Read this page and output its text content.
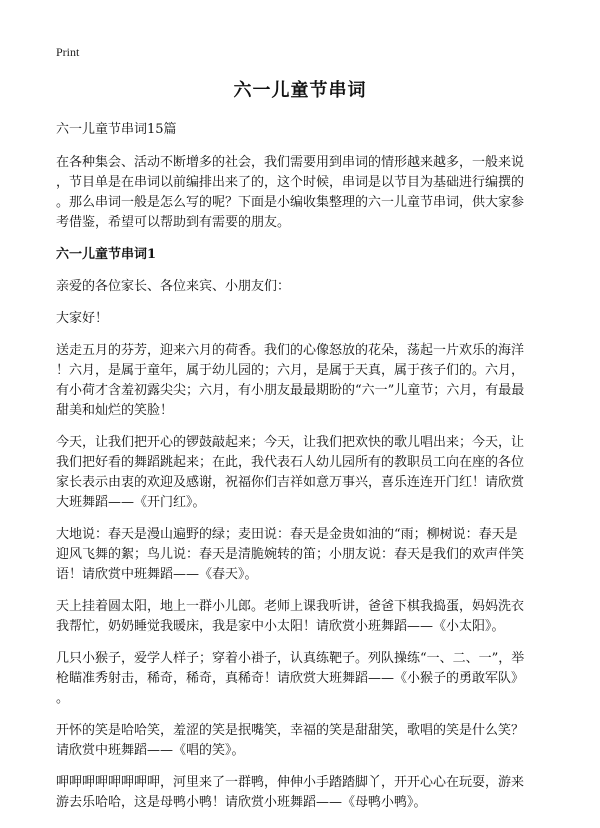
Print
六一儿童节串词
六一儿童节串词15篇
在各种集会、活动不断增多的社会，我们需要用到串词的情形越来越多，一般来说
，节目单是在串词以前编排出来了的，这个时候，串词是以节目为基础进行编撰的
。那么串词一般是怎么写的呢？下面是小编收集整理的六一儿童节串词，供大家参
考借鉴，希望可以帮助到有需要的朋友。
六一儿童节串词1
亲爱的各位家长、各位来宾、小朋友们：
大家好！
送走五月的芬芳，迎来六月的荷香。我们的心像怒放的花朵，荡起一片欢乐的海洋
！六月，是属于童年，属于幼儿园的；六月，是属于天真，属于孩子们的。六月，
有小荷才含羞初露尖尖；六月，有小朋友最最期盼的“六一”儿童节；六月，有最最
甜美和灿烂的笑脸！
今天，让我们把开心的锣鼓敲起来；今天，让我们把欢快的歌儿唱出来；今天，让
我们把好看的舞蹈跳起来；在此，我代表石人幼儿园所有的教职员工向在座的各位
家长表示由衷的欢迎及感谢，祝福你们吉祥如意万事兴，喜乐连连开门红！请欣赏
大班舞蹈——《开门红》。
大地说：春天是漫山遍野的绿；麦田说：春天是金贵如油的“雨；柳树说：春天是
迎风飞舞的絮；鸟儿说：春天是清脆婉转的笛；小朋友说：春天是我们的欢声伴笑
语！请欣赏中班舞蹈——《春天》。
天上挂着圆太阳，地上一群小儿郎。老师上课我听讲，爸爸下棋我捣蛋，妈妈洗衣
我帮忙，奶奶睡觉我暖床，我是家中小太阳！请欣赏小班舞蹈——《小太阳》。
几只小猴子，爱学人样子；穿着小褂子，认真练靶子。列队操练“一、二、一”，举
枪瞄准秀射击，稀奇，稀奇，真稀奇！请欣赏大班舞蹈——《小猴子的勇敢军队》
。
开怀的笑是哈哈笑，羞涩的笑是抿嘴笑，幸福的笑是甜甜笑，歌唱的笑是什么笑？
请欣赏中班舞蹈——《唱的笑》。
呷呷呷呷呷呷呷呷，河里来了一群鸭，伸伸小手踏踏脚丫，开开心心在玩耍，游来
游去乐哈哈，这是母鸭小鸭！请欣赏小班舞蹈——《母鸭小鸭》。
